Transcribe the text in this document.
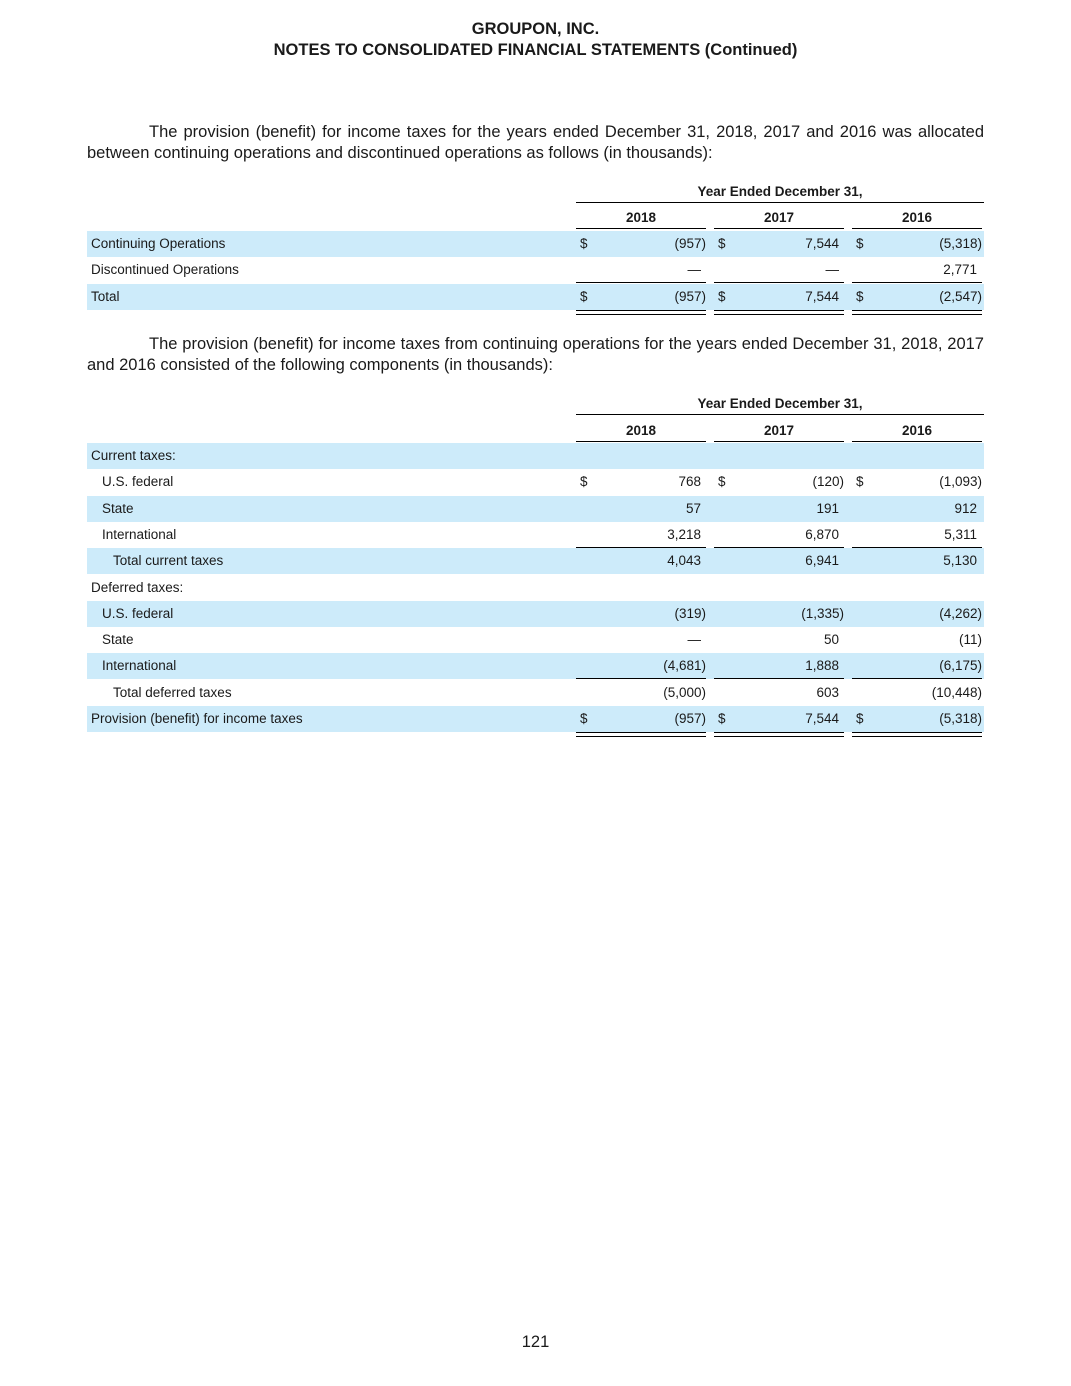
GROUPON, INC.
NOTES TO CONSOLIDATED FINANCIAL STATEMENTS (Continued)
The provision (benefit) for income taxes for the years ended December 31, 2018, 2017 and 2016 was allocated between continuing operations and discontinued operations as follows (in thousands):
Year Ended December 31,
2018	2017	2016
Continuing Operations	$	(957) $	7,544 $	(5,318)
Discontinued Operations	—	—	2,771
Total	$	(957) $	7,544 $	(2,547)
The provision (benefit) for income taxes from continuing operations for the years ended December 31, 2018, 2017 and 2016 consisted of the following components (in thousands):
Year Ended December 31,
2018	2017	2016
Current taxes:
U.S. federal	$	768 $	(120) $	(1,093)
State	57	191	912
International	3,218	6,870	5,311
Total current taxes	4,043	6,941	5,130
Deferred taxes:
U.S. federal	(319)	(1,335)	(4,262)
State	—	50	(11)
International	(4,681)	1,888	(6,175)
Total deferred taxes	(5,000)	603	(10,448)
Provision (benefit) for income taxes	$	(957) $	7,544 $	(5,318)
121
